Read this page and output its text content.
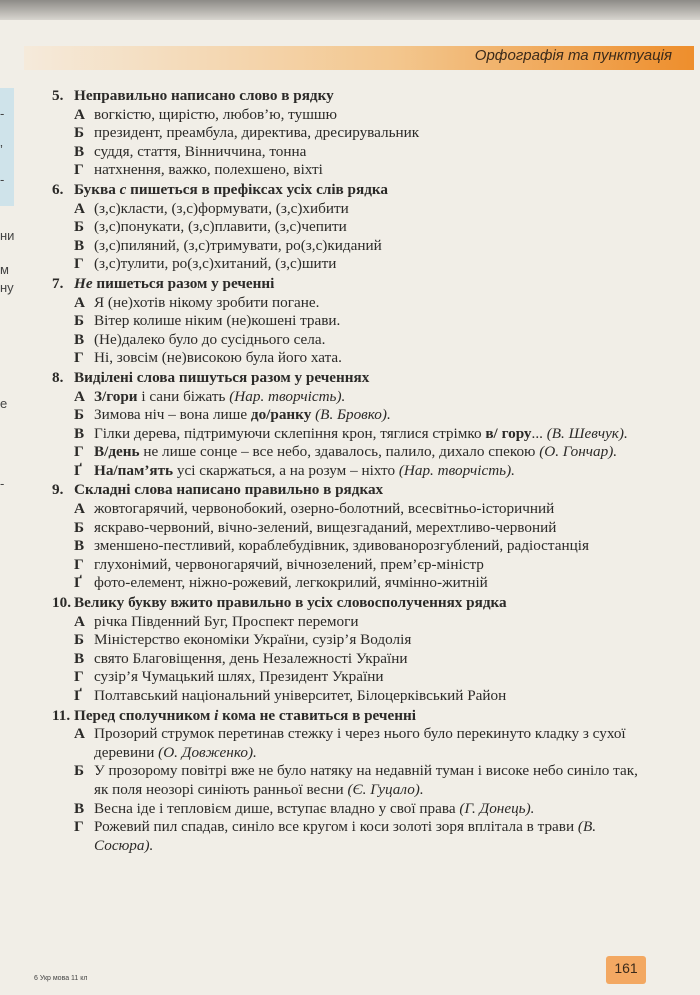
Орфографія та пунктуація
-
’
-
ни
м
ну
е
-
5. Неправильно написано слово в рядку
А вогкістю, щирістю, любов’ю, тушшю
Б президент, преамбула, директива, дресирувальник
В суддя, стаття, Вінниччина, тонна
Г натхнення, важко, полехшено, віхті
6. Буква с пишеться в префіксах усіх слів рядка
А (з,с)класти, (з,с)формувати, (з,с)хибити
Б (з,с)понукати, (з,с)плавити, (з,с)чепити
В (з,с)пиляний, (з,с)тримувати, ро(з,с)киданий
Г (з,с)тулити, ро(з,с)хитаний, (з,с)шити
7. Не пишеться разом у реченні
А Я (не)хотів нікому зробити погане.
Б Вітер колише ніким (не)кошені трави.
В (Не)далеко було до сусіднього села.
Г Ні, зовсім (не)високою була його хата.
8. Виділені слова пишуться разом у реченнях
А З/гори і сани біжать (Нар. творчість).
Б Зимова ніч – вона лише до/ранку (В. Бровко).
В Гілки дерева, підтримуючи склепіння крон, тяглися стрімко в/ гору... (В. Шевчук).
Г В/день не лише сонце – все небо, здавалось, палило, дихало спекою (О. Гончар).
Ґ На/пам’ять усі скаржаться, а на розум – ніхто (Нар. творчість).
9. Складні слова написано правильно в рядках
А жовтогарячий, червонобокий, озерно-болотний, всесвітньо-історичний
Б яскраво-червоний, вічно-зелений, вищезгаданий, мерехтливо-червоний
В зменшено-пестливий, кораблебудівник, здивованорозгублений, радіостанція
Г глухонімий, червоногарячий, вічнозелений, прем’єр-міністр
Ґ фото-елемент, ніжно-рожевий, легкокрилий, ячмінно-житній
10. Велику букву вжито правильно в усіх словосполученнях рядка
А річка Південний Буг, Проспект перемоги
Б Міністерство економіки України, сузір’я Водолія
В свято Благовіщення, день Незалежності України
Г сузір’я Чумацький шлях, Президент України
Ґ Полтавський національний університет, Білоцерківський Район
11. Перед сполучником і кома не ставиться в реченні
А Прозорий струмок перетинав стежку і через нього було перекинуто кладку з сухої деревини (О. Довженко).
Б У прозорому повітрі вже не було натяку на недавній туман і високе небо синіло так, як поля неозорі синіють ранньої весни (Є. Гуцало).
В Весна іде і тепловієм дише, вступає владно у свої права (Г. Донець).
Г Рожевий пил спадав, синіло все кругом і коси золоті зоря вплітала в трави (В. Сосюра).
161
6 Укр мова 11 кл
